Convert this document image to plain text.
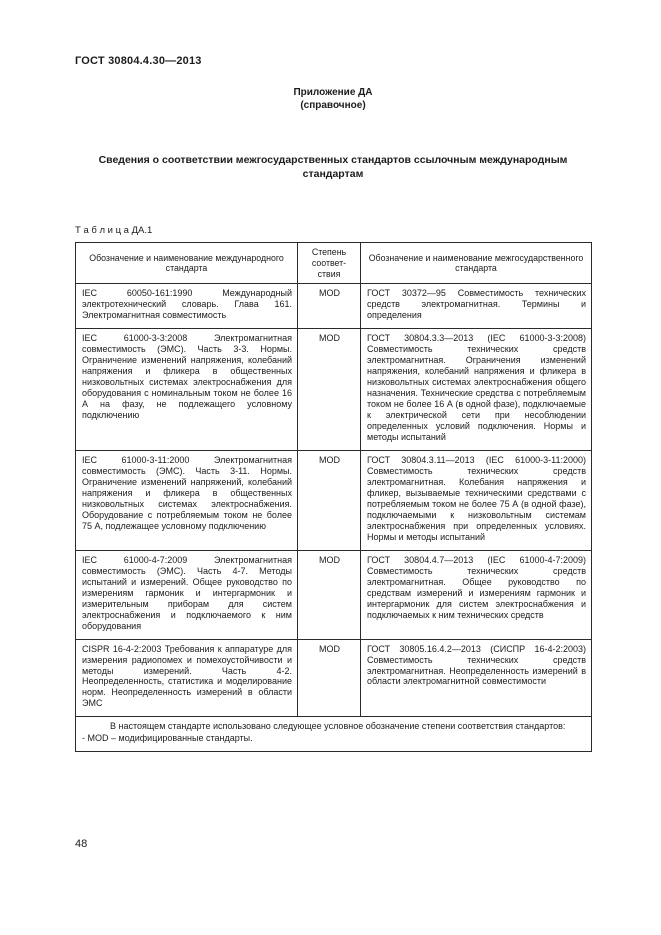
ГОСТ 30804.4.30—2013
Приложение ДА
(справочное)
Сведения о соответствии межгосударственных стандартов ссылочным международным стандартам
Т а б л и ц а ДА.1
Обозначение и наименование международного стандарта	Степень соответ- ствия	Обозначение и наименование межгосударственного стандарта
IEC 60050-161:1990 Международный электротехнический словарь. Глава 161. Электромагнитная совместимость	MOD	ГОСТ 30372—95 Совместимость технических средств электромагнитная. Термины и определения
IEC 61000-3-3:2008 Электромагнитная совместимость (ЭМС). Часть 3-3. Нормы. Ограничение изменений напряжения, колебаний напряжения и фликера в общественных низковольтных системах электроснабжения для оборудования с номинальным током не более 16 А на фазу, не подлежащего условному подключению	MOD	ГОСТ 30804.3.3—2013 (IEC 61000-3-3:2008) Совместимость технических средств электромагнитная. Ограничения изменений напряжения, колебаний напряжения и фликера в низковольтных системах электроснабжения общего назначения. Технические средства с потребляемым током не более 16 А (в одной фазе), подключаемые к электрической сети при несоблюдении определенных условий подключения. Нормы и методы испытаний
IEC 61000-3-11:2000 Электромагнитная совместимость (ЭМС). Часть 3-11. Нормы. Ограничение изменений напряжений, колебаний напряжения и фликера в общественных низковольтных системах электроснабжения. Оборудование с потребляемым током не более 75 А, подлежащее условному подключению	MOD	ГОСТ 30804.3.11—2013 (IEC 61000-3-11:2000) Совместимость технических средств электромагнитная. Колебания напряжения и фликер, вызываемые техническими средствами с потребляемым током не более 75 А (в одной фазе), подключаемыми к низковольтным системам электроснабжения при определенных условиях. Нормы и методы испытаний
IEC 61000-4-7:2009 Электромагнитная совместимость (ЭМС). Часть 4-7. Методы испытаний и измерений. Общее руководство по измерениям гармоник и интергармоник и измерительным приборам для систем электроснабжения и подключаемого к ним оборудования	MOD	ГОСТ 30804.4.7—2013 (IEC 61000-4-7:2009) Совместимость технических средств электромагнитная. Общее руководство по средствам измерений и измерениям гармоник и интергармоник для систем электроснабжения и подключаемых к ним технических средств
CISPR 16-4-2:2003 Требования к аппаратуре для измерения радиопомех и помехоустойчивости и методы измерений. Часть 4-2. Неопределенность, статистика и моделирование норм. Неопределенность измерений в области ЭМС	MOD	ГОСТ 30805.16.4.2—2013 (СИСПР 16-4-2:2003) Совместимость технических средств электромагнитная. Неопределенность измерений в области электромагнитной совместимости

В настоящем стандарте использовано следующее условное обозначение степени соответствия стандартов:

- MOD – модифицированные стандарты.		

48
